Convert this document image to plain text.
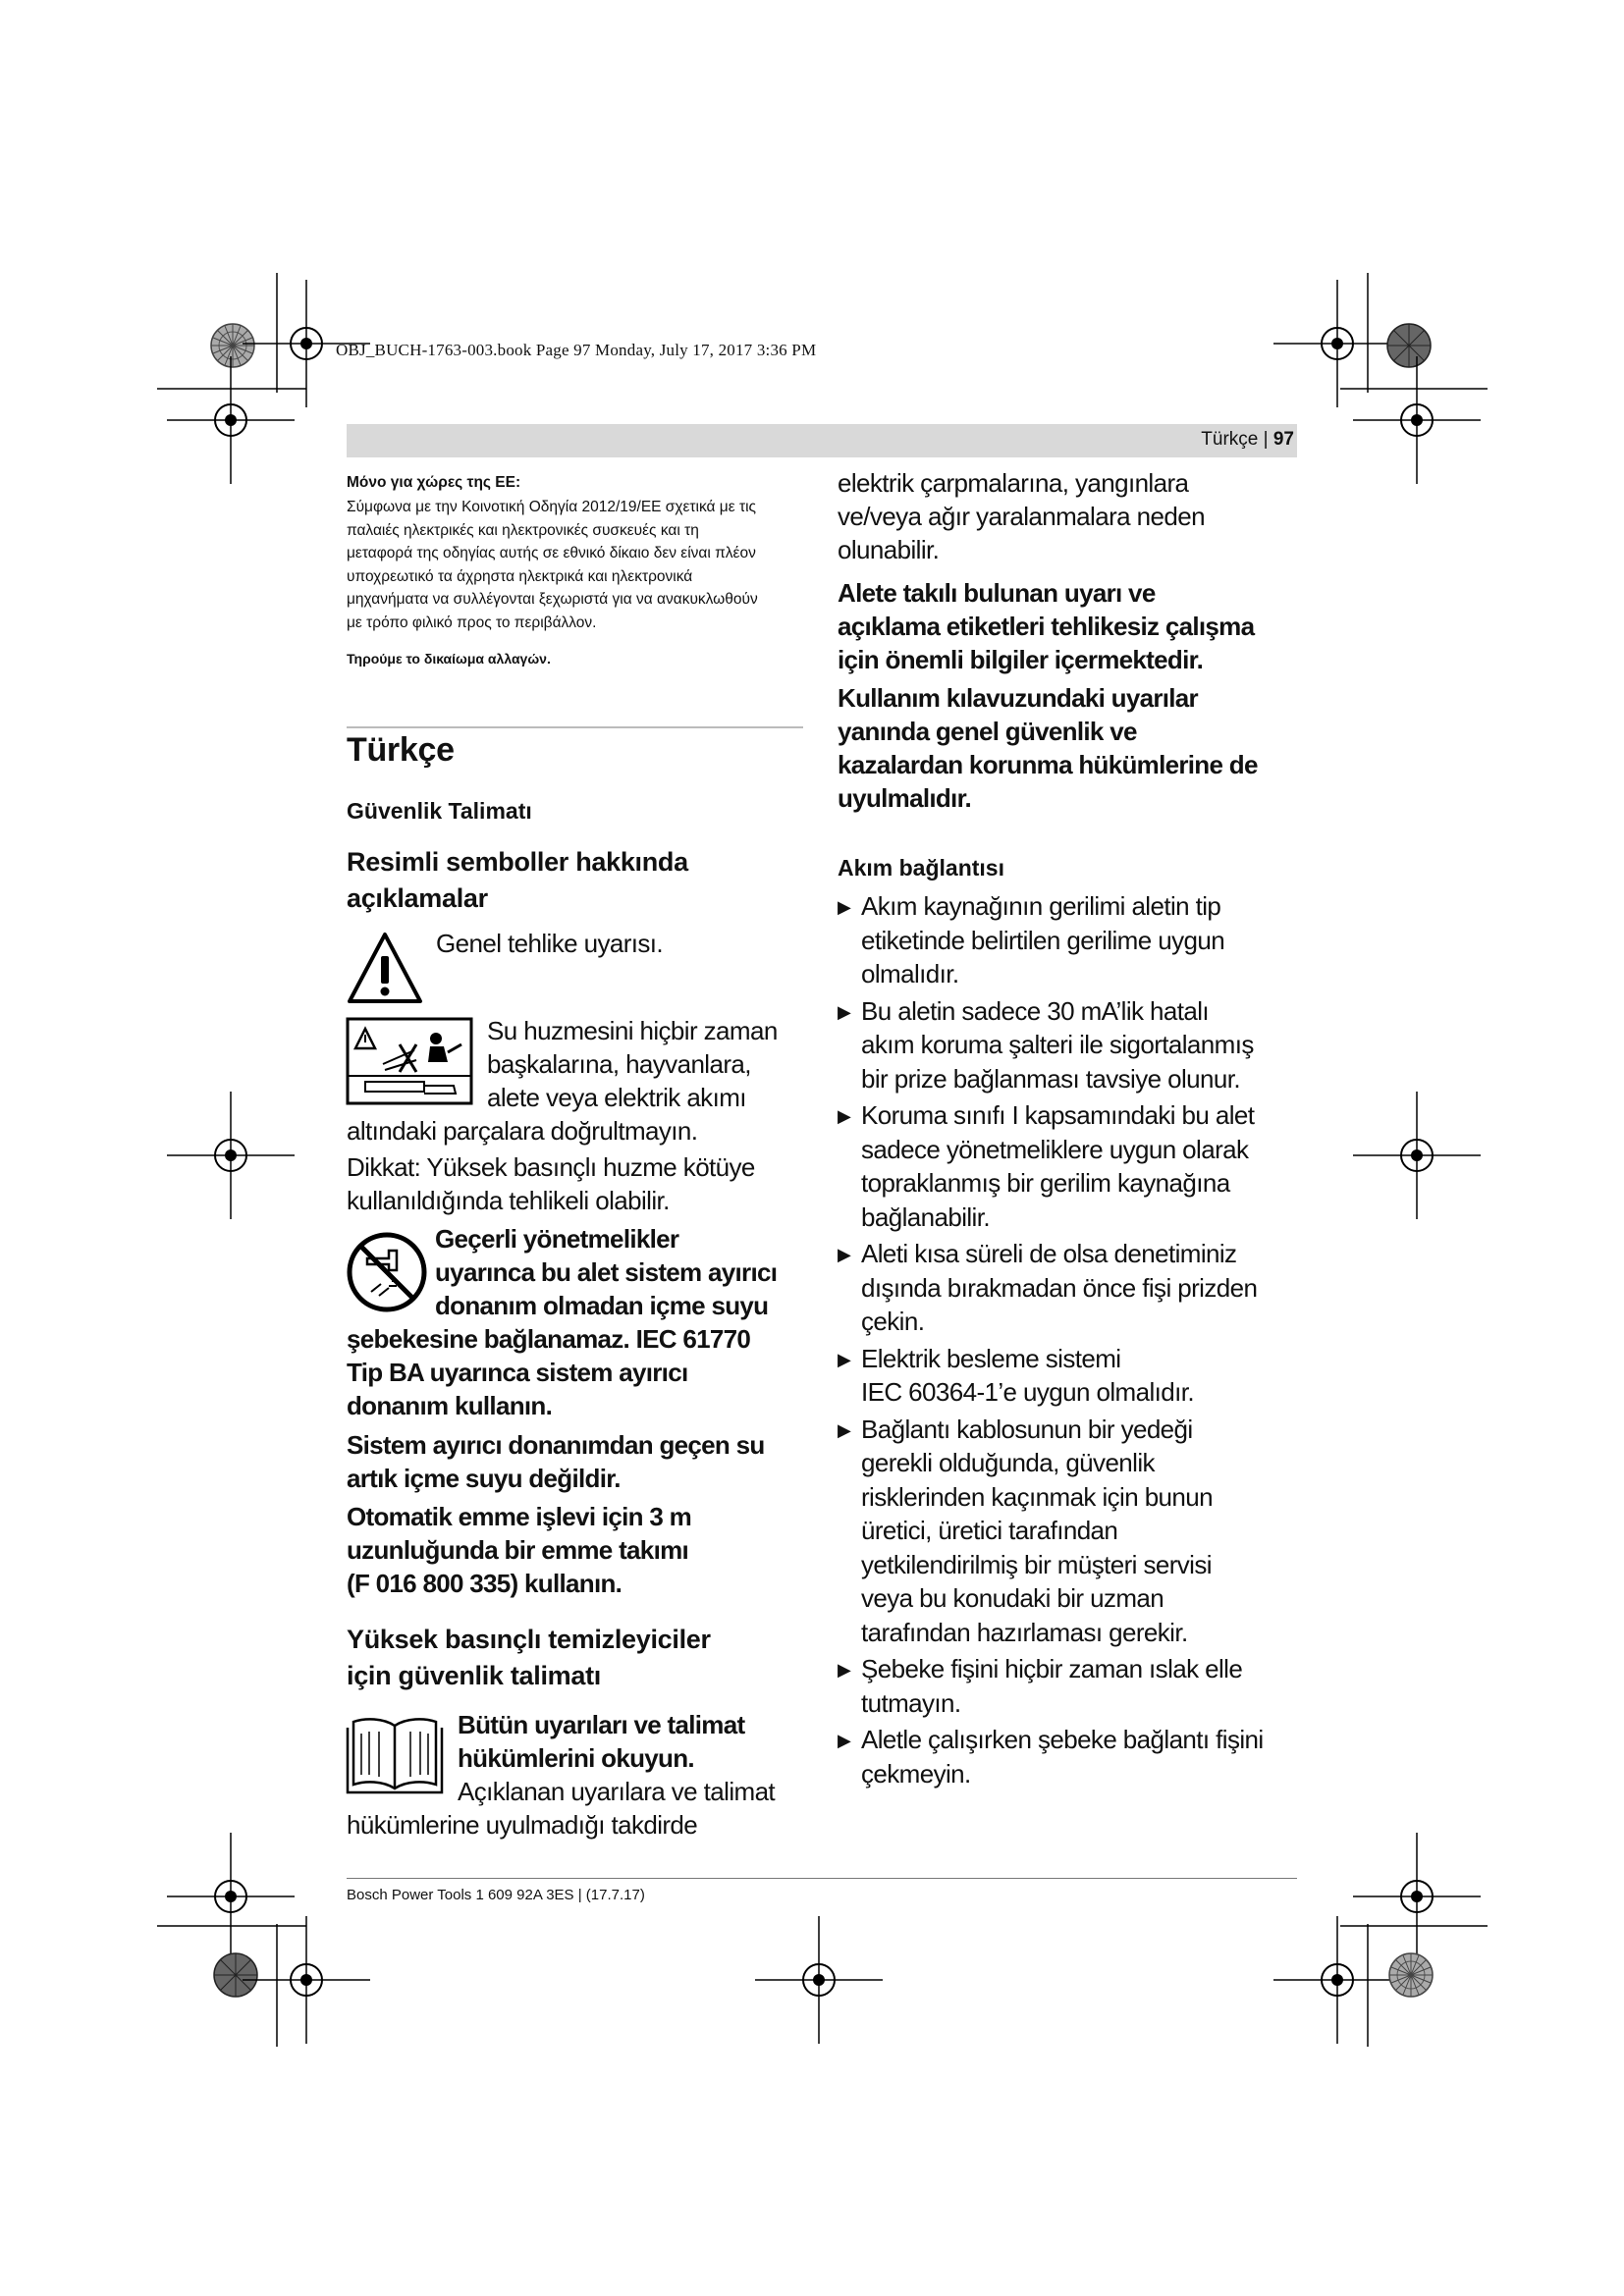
OBJ_BUCH-1763-003.book Page 97 Monday, July 17, 2017 3:36 PM
Türkçe | 97
Μόνο για χώρες της ΕΕ:
Σύμφωνα με την Κοινοτική Οδηγία 2012/19/ΕΕ σχετικά με τις
παλαιές ηλεκτρικές και ηλεκτρονικές συσκευές και τη
μεταφορά της οδηγίας αυτής σε εθνικό δίκαιο δεν είναι πλέον
υποχρεωτικό τα άχρηστα ηλεκτρικά και ηλεκτρονικά
μηχανήματα να συλλέγονται ξεχωριστά για να ανακυκλωθούν
με τρόπο φιλικό προς το περιβάλλον.
Τηρούμε το δικαίωμα αλλαγών.
Türkçe
Güvenlik Talimatı
Resimli semboller hakkında
açıklamalar
Genel tehlike uyarısı.
Su huzmesini hiçbir zaman
başkalarına, hayvanlara,
alete veya elektrik akımı
altındaki parçalara doğrultmayın.
Dikkat: Yüksek basınçlı huzme kötüye
kullanıldığında tehlikeli olabilir.
Geçerli yönetmelikler
uyarınca bu alet sistem ayırıcı
donanım olmadan içme suyu
şebekesine bağlanamaz. IEC 61770
Tip BA uyarınca sistem ayırıcı
donanım kullanın.
Sistem ayırıcı donanımdan geçen su
artık içme suyu değildir.
Otomatik emme işlevi için 3 m
uzunluğunda bir emme takımı
(F 016 800 335) kullanın.
Yüksek basınçlı temizleyiciler
için güvenlik talimatı
Bütün uyarıları ve talimat
hükümlerini okuyun.
Açıklanan uyarılara ve talimat
hükümlerine uyulmadığı takdirde
elektrik çarpmalarına, yangınlara
ve/veya ağır yaralanmalara neden
olunabilir.
Alete takılı bulunan uyarı ve
açıklama etiketleri tehlikesiz çalışma
için önemli bilgiler içermektedir.
Kullanım kılavuzundaki uyarılar
yanında genel güvenlik ve
kazalardan korunma hükümlerine de
uyulmalıdır.
Akım bağlantısı
▶ Akım kaynağının gerilimi aletin tip
etiketinde belirtilen gerilime uygun
olmalıdır.
▶ Bu aletin sadece 30 mA’lik hatalı
akım koruma şalteri ile sigortalanmış
bir prize bağlanması tavsiye olunur.
▶ Koruma sınıfı I kapsamındaki bu alet
sadece yönetmeliklere uygun olarak
topraklanmış bir gerilim kaynağına
bağlanabilir.
▶ Aleti kısa süreli de olsa denetiminiz
dışında bırakmadan önce fişi prizden
çekin.
▶ Elektrik besleme sistemi
IEC 60364-1’e uygun olmalıdır.
▶ Bağlantı kablosunun bir yedeği
gerekli olduğunda, güvenlik
risklerinden kaçınmak için bunun
üretici, üretici tarafından
yetkilendirilmiş bir müşteri servisi
veya bu konudaki bir uzman
tarafından hazırlaması gerekir.
▶ Şebeke fişini hiçbir zaman ıslak elle
tutmayın.
▶ Aletle çalışırken şebeke bağlantı fişini
çekmeyin.
Bosch Power Tools 1 609 92A 3ES | (17.7.17)
